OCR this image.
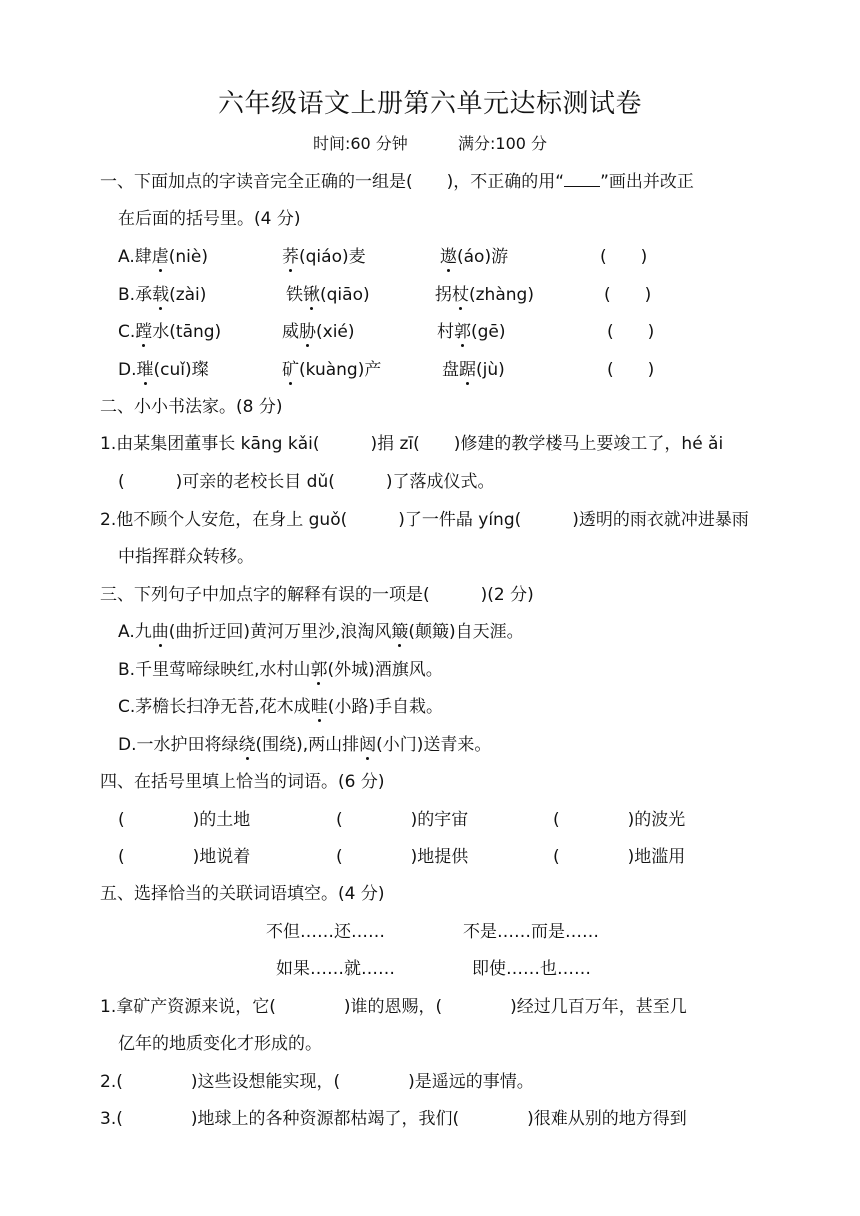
六年级语文上册第六单元达标测试卷
时间:60 分钟	满分:100 分
一、下面加点的字读音完全正确的一组是(　　)，不正确的用“ ”画出并改正
在后面的括号里。(4 分)
A.肆虐(niè)	荞(qiáo)麦	遨(áo)游	(　　)
B.承载(zài)	铁锹(qiāo)	拐杖(zhàng)	(　　)
C.蹚水(tāng)	威胁(xié)	村郭(gē)	(　　)
D.璀(cuǐ)璨	矿(kuàng)产	盘踞(jù)	(　　)
二、小小书法家。(8 分)
1.由某集团董事长 kāng kǎi(　　　)捐 zī(　　)修建的教学楼马上要竣工了，hé ǎi
(　　　)可亲的老校长目 dǔ(　　　)了落成仪式。
2.他不顾个人安危，在身上 guǒ(　　　)了一件晶 yíng(　　　)透明的雨衣就冲进暴雨
中指挥群众转移。
三、下列句子中加点字的解释有误的一项是(　　　)(2 分)
A.九曲(曲折迂回)黄河万里沙,浪淘风簸(颠簸)自天涯。
B.千里莺啼绿映红,水村山郭(外城)酒旗风。
C.茅檐长扫净无苔,花木成畦(小路)手自栽。
D.一水护田将绿绕(围绕),两山排闼(小门)送青来。
四、在括号里填上恰当的词语。(6 分)
(　　　　)的土地	(　　　　)的宇宙	(　　　　)的波光
(　　　　)地说着	(　　　　)地提供	(　　　　)地滥用
五、选择恰当的关联词语填空。(4 分)
不但……还……	不是……而是……
如果……就……	即使……也……
1.拿矿产资源来说，它(　　　　)谁的恩赐，(　　　　)经过几百万年，甚至几
亿年的地质变化才形成的。
2.(　　　　)这些设想能实现，(　　　　)是遥远的事情。
3.(　　　　)地球上的各种资源都枯竭了，我们(　　　　)很难从别的地方得到
